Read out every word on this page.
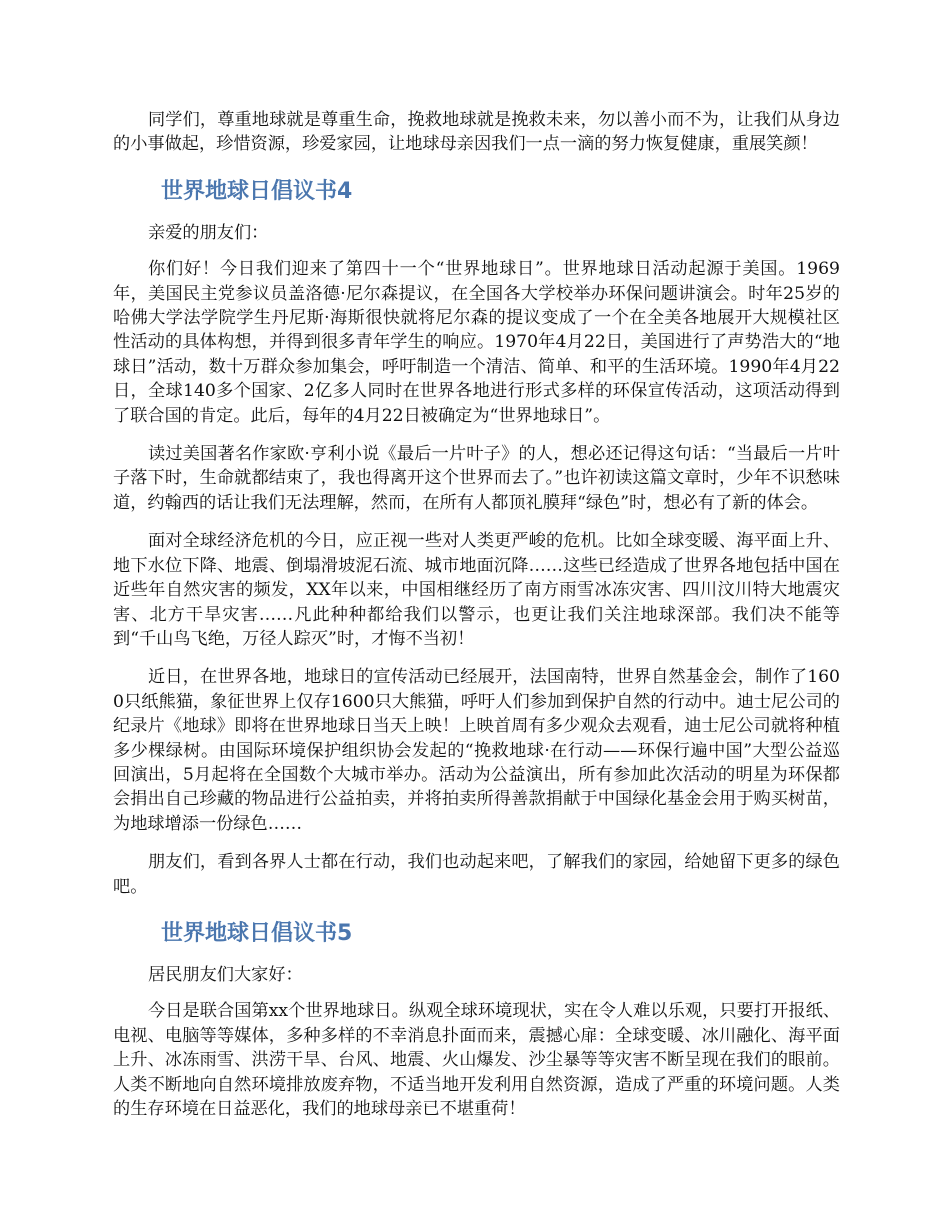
同学们，尊重地球就是尊重生命，挽救地球就是挽救未来，勿以善小而不为，让我们从身边的小事做起，珍惜资源，珍爱家园，让地球母亲因我们一点一滴的努力恢复健康，重展笑颜！

世界地球日倡议书4

亲爱的朋友们：

你们好！今日我们迎来了第四十一个“世界地球日”。世界地球日活动起源于美国。1969年，美国民主党参议员盖洛德·尼尔森提议，在全国各大学校举办环保问题讲演会。时年25岁的哈佛大学法学院学生丹尼斯·海斯很快就将尼尔森的提议变成了一个在全美各地展开大规模社区性活动的具体构想，并得到很多青年学生的响应。1970年4月22日，美国进行了声势浩大的“地球日”活动，数十万群众参加集会，呼吁制造一个清洁、简单、和平的生活环境。1990年4月22日，全球140多个国家、2亿多人同时在世界各地进行形式多样的环保宣传活动，这项活动得到了联合国的肯定。此后，每年的4月22日被确定为“世界地球日”。

读过美国著名作家欧·亨利小说《最后一片叶子》的人，想必还记得这句话：“当最后一片叶子落下时，生命就都结束了，我也得离开这个世界而去了。”也许初读这篇文章时，少年不识愁味道，约翰西的话让我们无法理解，然而，在所有人都顶礼膜拜“绿色”时，想必有了新的体会。

面对全球经济危机的今日，应正视一些对人类更严峻的危机。比如全球变暖、海平面上升、地下水位下降、地震、倒塌滑坡泥石流、城市地面沉降……这些已经造成了世界各地包括中国在近些年自然灾害的频发，XX年以来，中国相继经历了南方雨雪冰冻灾害、四川汶川特大地震灾害、北方干旱灾害……凡此种种都给我们以警示，也更让我们关注地球深部。我们决不能等到“千山鸟飞绝，万径人踪灭”时，才悔不当初！

近日，在世界各地，地球日的宣传活动已经展开，法国南特，世界自然基金会，制作了1600只纸熊猫，象征世界上仅存1600只大熊猫，呼吁人们参加到保护自然的行动中。迪士尼公司的纪录片《地球》即将在世界地球日当天上映！上映首周有多少观众去观看，迪士尼公司就将种植多少棵绿树。由国际环境保护组织协会发起的“挽救地球·在行动——环保行遍中国”大型公益巡回演出，5月起将在全国数个大城市举办。活动为公益演出，所有参加此次活动的明星为环保都会捐出自己珍藏的物品进行公益拍卖，并将拍卖所得善款捐献于中国绿化基金会用于购买树苗，为地球增添一份绿色……

朋友们，看到各界人士都在行动，我们也动起来吧，了解我们的家园，给她留下更多的绿色吧。

世界地球日倡议书5

居民朋友们大家好：

今日是联合国第xx个世界地球日。纵观全球环境现状，实在令人难以乐观，只要打开报纸、电视、电脑等等媒体，多种多样的不幸消息扑面而来，震撼心扉：全球变暖、冰川融化、海平面上升、冰冻雨雪、洪涝干旱、台风、地震、火山爆发、沙尘暴等等灾害不断呈现在我们的眼前。人类不断地向自然环境排放废弃物，不适当地开发利用自然资源，造成了严重的环境问题。人类的生存环境在日益恶化，我们的地球母亲已不堪重荷！
